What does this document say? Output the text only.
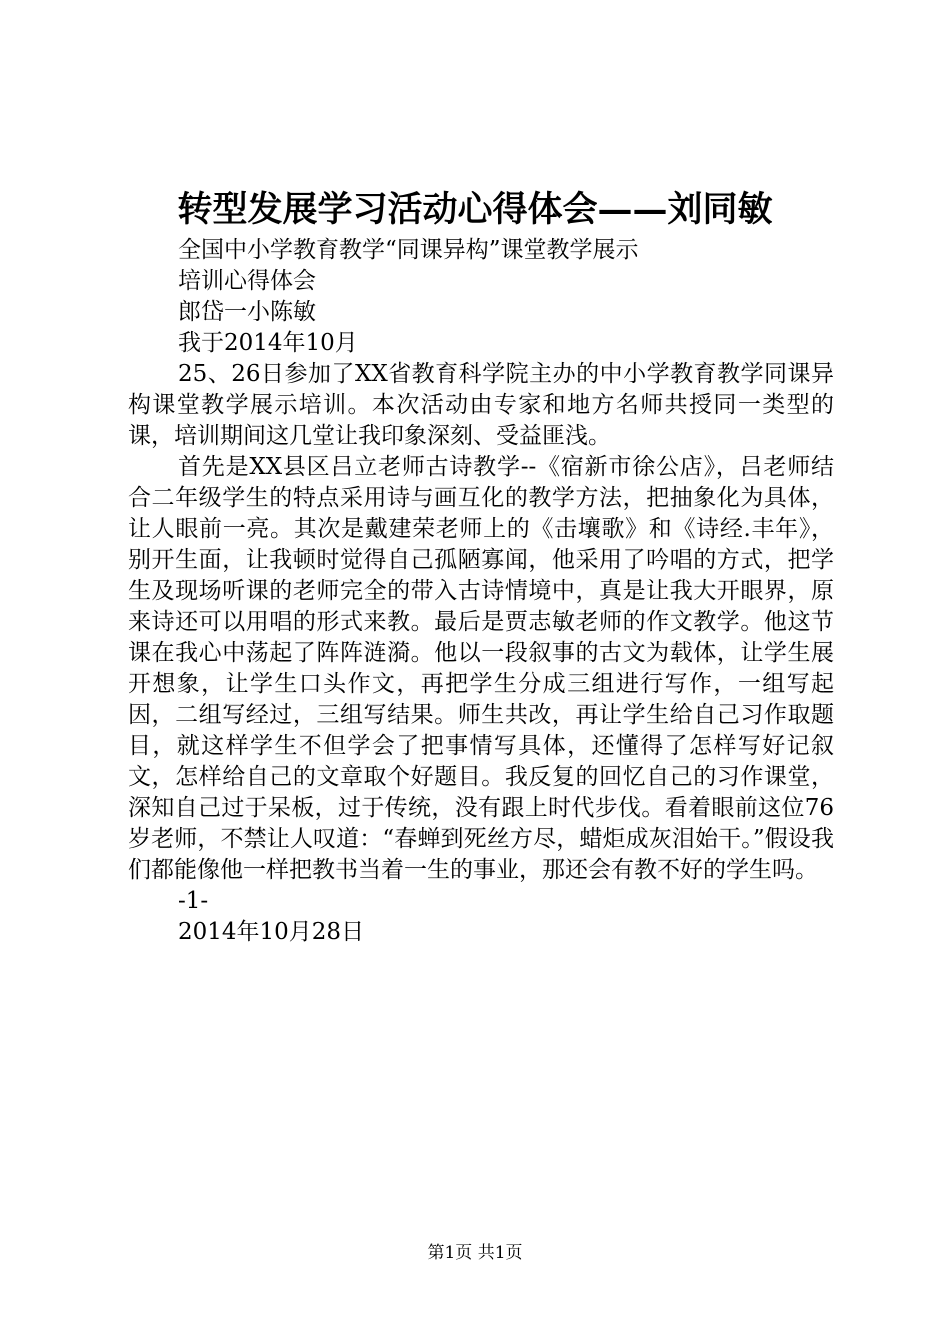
转型发展学习活动心得体会——刘同敏
全国中小学教育教学“同课异构”课堂教学展示
培训心得体会
郎岱一小陈敏
我于2014年10月

25、26日参加了XX省教育科学院主办的中小学教育教学同课异构课堂教学展示培训。本次活动由专家和地方名师共授同一类型的课，培训期间这几堂让我印象深刻、受益匪浅。

首先是XX县区吕立老师古诗教学--《宿新市徐公店》，吕老师结合二年级学生的特点采用诗与画互化的教学方法，把抽象化为具体，让人眼前一亮。其次是戴建荣老师上的《击壤歌》和《诗经.丰年》，别开生面，让我顿时觉得自己孤陋寡闻，他采用了吟唱的方式，把学生及现场听课的老师完全的带入古诗情境中，真是让我大开眼界，原来诗还可以用唱的形式来教。最后是贾志敏老师的作文教学。他这节课在我心中荡起了阵阵涟漪。他以一段叙事的古文为载体，让学生展开想象，让学生口头作文，再把学生分成三组进行写作，一组写起因，二组写经过，三组写结果。师生共改，再让学生给自己习作取题目，就这样学生不但学会了把事情写具体，还懂得了怎样写好记叙文，怎样给自己的文章取个好题目。我反复的回忆自己的习作课堂，深知自己过于呆板，过于传统，没有跟上时代步伐。看着眼前这位76岁老师，不禁让人叹道：“春蝉到死丝方尽，蜡炬成灰泪始干。”假设我们都能像他一样把教书当着一生的事业，那还会有教不好的学生吗。

-1-
2014年10月28日
第1页 共1页
